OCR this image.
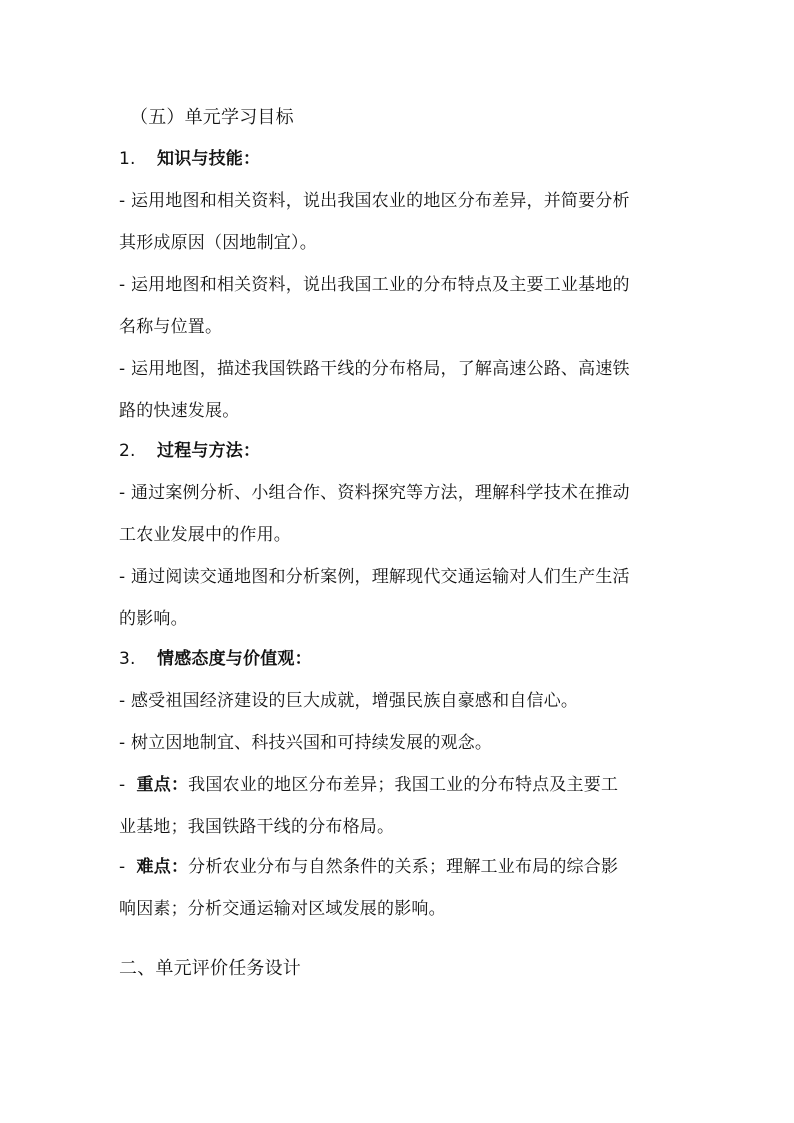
（五）单元学习目标
1. 知识与技能：
- 运用地图和相关资料，说出我国农业的地区分布差异，并简要分析
其形成原因（因地制宜）。
- 运用地图和相关资料，说出我国工业的分布特点及主要工业基地的
名称与位置。
- 运用地图，描述我国铁路干线的分布格局，了解高速公路、高速铁
路的快速发展。
2. 过程与方法：
- 通过案例分析、小组合作、资料探究等方法，理解科学技术在推动
工农业发展中的作用。
- 通过阅读交通地图和分析案例，理解现代交通运输对人们生产生活
的影响。
3. 情感态度与价值观：
- 感受祖国经济建设的巨大成就，增强民族自豪感和自信心。
- 树立因地制宜、科技兴国和可持续发展的观念。
-  重点：我国农业的地区分布差异；我国工业的分布特点及主要工
业基地；我国铁路干线的分布格局。
-  难点：分析农业分布与自然条件的关系；理解工业布局的综合影
响因素；分析交通运输对区域发展的影响。
二、单元评价任务设计
